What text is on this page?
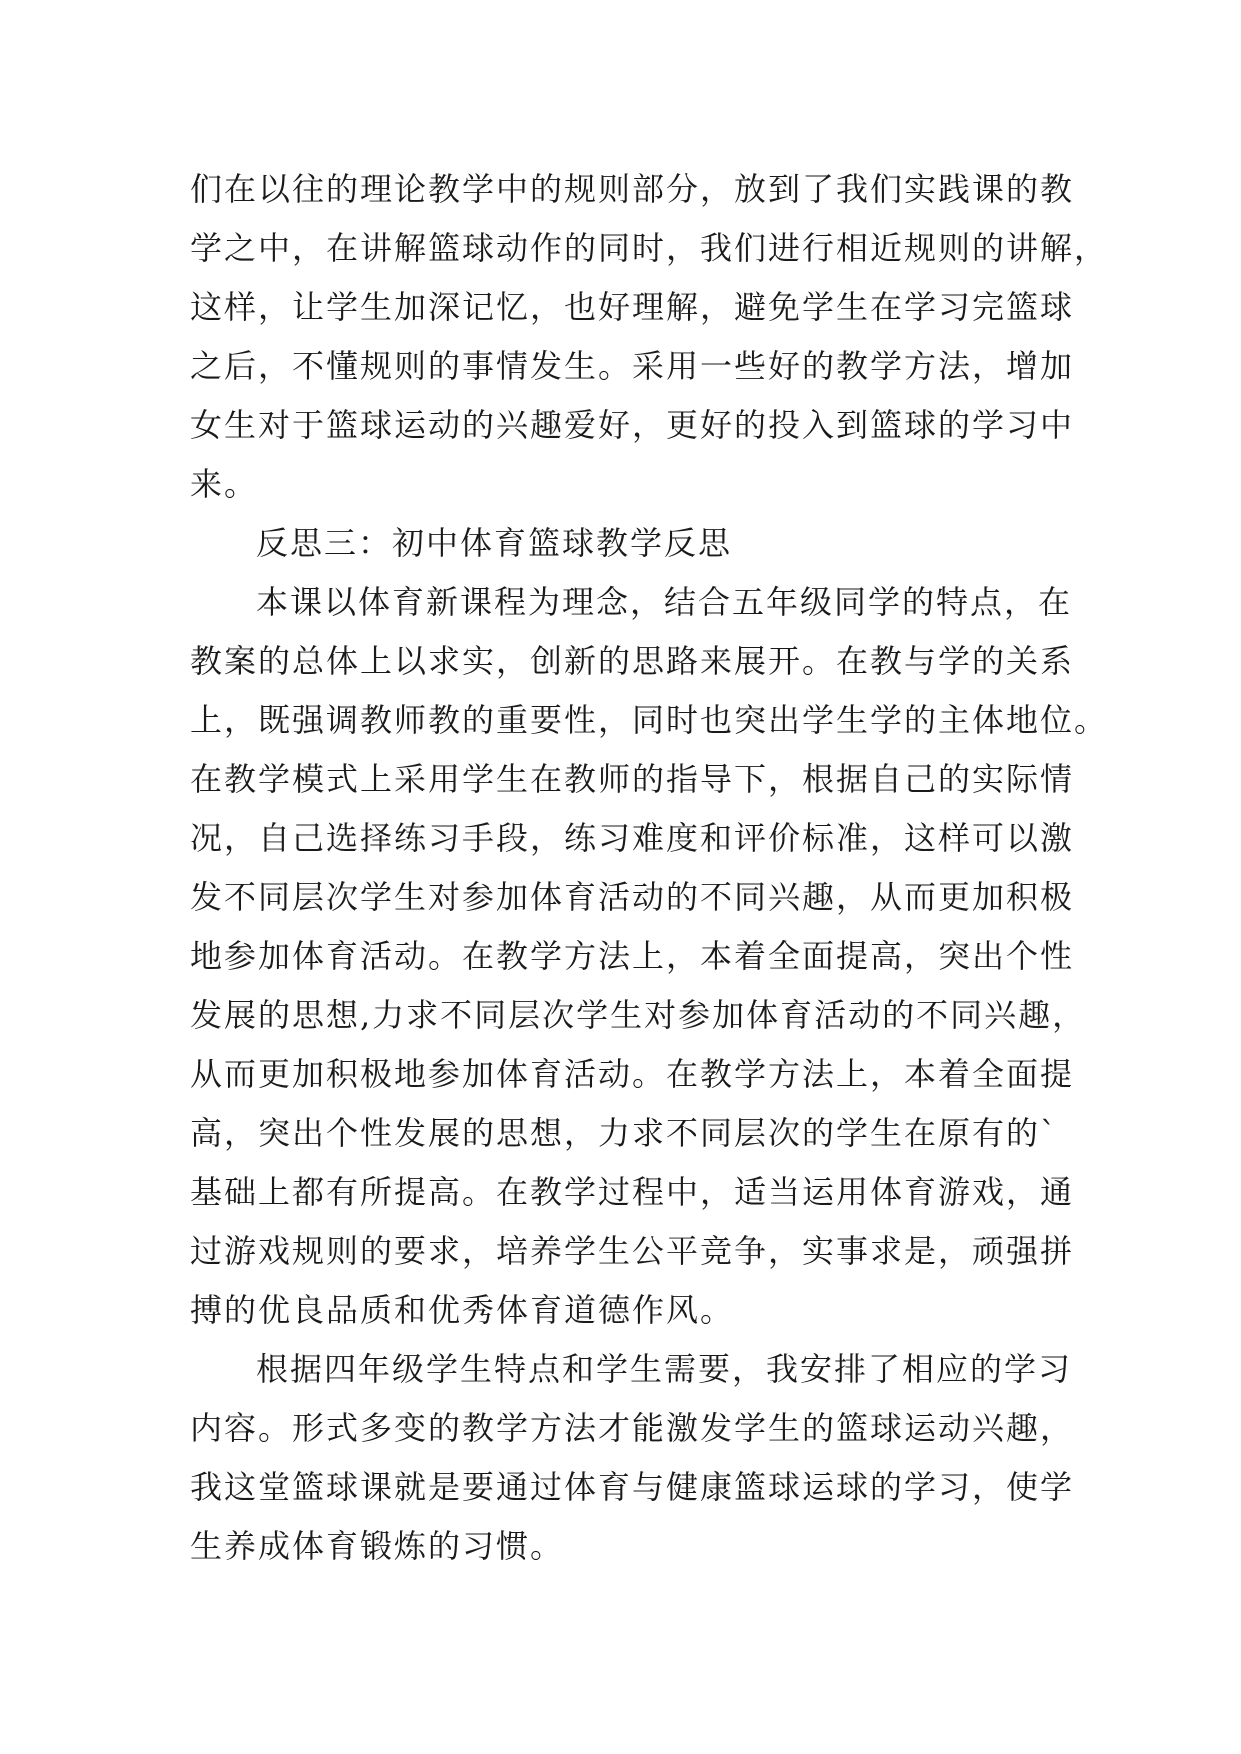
们在以往的理论教学中的规则部分，放到了我们实践课的教
学之中，在讲解篮球动作的同时，我们进行相近规则的讲解，
这样，让学生加深记忆，也好理解，避免学生在学习完篮球
之后，不懂规则的事情发生。采用一些好的教学方法，增加
女生对于篮球运动的兴趣爱好，更好的投入到篮球的学习中
来。
反思三：初中体育篮球教学反思
本课以体育新课程为理念，结合五年级同学的特点，在
教案的总体上以求实，创新的思路来展开。在教与学的关系
上，既强调教师教的重要性，同时也突出学生学的主体地位。
在教学模式上采用学生在教师的指导下，根据自己的实际情
况，自己选择练习手段，练习难度和评价标准，这样可以激
发不同层次学生对参加体育活动的不同兴趣，从而更加积极
地参加体育活动。在教学方法上，本着全面提高，突出个性
发展的思想,力求不同层次学生对参加体育活动的不同兴趣，
从而更加积极地参加体育活动。在教学方法上，本着全面提
高，突出个性发展的思想，力求不同层次的学生在原有的`
基础上都有所提高。在教学过程中，适当运用体育游戏，通
过游戏规则的要求，培养学生公平竞争，实事求是，顽强拼
搏的优良品质和优秀体育道德作风。
根据四年级学生特点和学生需要，我安排了相应的学习
内容。形式多变的教学方法才能激发学生的篮球运动兴趣，
我这堂篮球课就是要通过体育与健康篮球运球的学习，使学
生养成体育锻炼的习惯。
